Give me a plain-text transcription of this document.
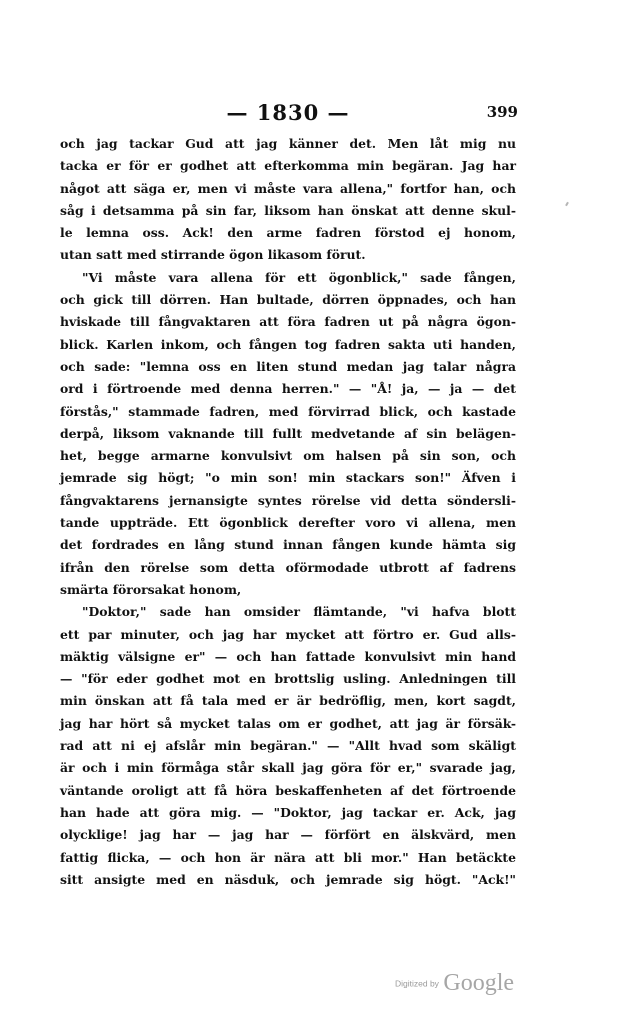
— 1830 —	399
och jag tackar Gud att jag känner det. Men låt mig nu
tacka er för er godhet att efterkomma min begäran. Jag har
något att säga er, men vi måste vara allena," fortfor han, och
såg i detsamma på sin far, liksom han önskat att denne skul-
le lemna oss. Ack! den arme fadren förstod ej honom,
utan satt med stirrande ögon likasom förut.
"Vi måste vara allena för ett ögonblick," sade fången,
och gick till dörren. Han bultade, dörren öppnades, och han
hviskade till fångvaktaren att föra fadren ut på några ögon-
blick. Karlen inkom, och fången tog fadren sakta uti handen,
och sade: "lemna oss en liten stund medan jag talar några
ord i förtroende med denna herren." — "Å! ja, — ja — det
förstås," stammade fadren, med förvirrad blick, och kastade
derpå, liksom vaknande till fullt medvetande af sin belägen-
het, begge armarne konvulsivt om halsen på sin son, och
jemrade sig högt; "o min son! min stackars son!" Äfven i
fångvaktarens jernansigte syntes rörelse vid detta söndersli-
tande uppträde. Ett ögonblick derefter voro vi allena, men
det fordrades en lång stund innan fången kunde hämta sig
ifrån den rörelse som detta oförmodade utbrott af fadrens
smärta förorsakat honom,
"Doktor," sade han omsider flämtande, "vi hafva blott
ett par minuter, och jag har mycket att förtro er. Gud alls-
mäktig välsigne er" — och han fattade konvulsivt min hand
— "för eder godhet mot en brottslig usling. Anledningen till
min önskan att få tala med er är bedröflig, men, kort sagdt,
jag har hört så mycket talas om er godhet, att jag är försäk-
rad att ni ej afslår min begäran." — "Allt hvad som skäligt
är och i min förmåga står skall jag göra för er," svarade jag,
väntande oroligt att få höra beskaffenheten af det förtroende
han hade att göra mig. — "Doktor, jag tackar er. Ack, jag
olycklige! jag har — jag har — förfört en älskvärd, men
fattig flicka, — och hon är nära att bli mor." Han betäckte
sitt ansigte med en näsduk, och jemrade sig högt. "Ack!"
Digitized by Google
